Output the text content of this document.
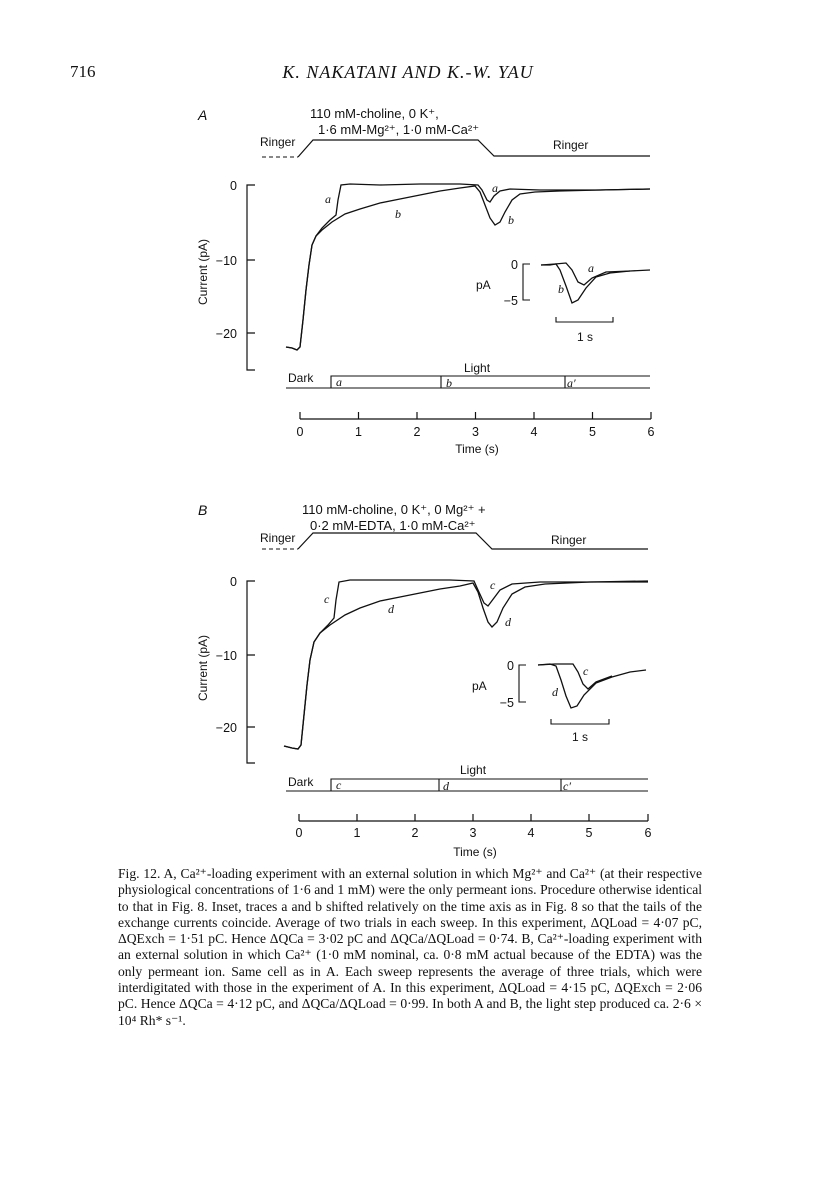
716	K. NAKATANI AND K.-W. YAU
A	110 mM-choline, 0 K⁺,
1·6 mM-Mg²⁺, 1·0 mM-Ca²⁺
Ringer	Ringer
0
−10
−20
Current (pA)
a
b
a
b
0
−5
pA
a
b
1 s
Light
Dark a	b	a′
0	1	2	3	4	5	6
Time (s)
B	110 mM-choline, 0 K⁺, 0 Mg²⁺ +
0·2 mM-EDTA, 1·0 mM-Ca²⁺
Ringer	Ringer
0
−10
−20
Current (pA)
c
d
c
d
0
−5
pA
c
d
1 s
Light
Dark c	d	c′
0	1	2	3	4	5	6
Time (s)
Fig. 12. A, Ca²⁺-loading experiment with an external solution in which Mg²⁺ and Ca²⁺ (at their respective physiological concentrations of 1·6 and 1 mM) were the only permeant ions. Procedure otherwise identical to that in Fig. 8. Inset, traces a and b shifted relatively on the time axis as in Fig. 8 so that the tails of the exchange currents coincide. Average of two trials in each sweep. In this experiment, ΔQLoad = 4·07 pC, ΔQExch = 1·51 pC. Hence ΔQCa = 3·02 pC and ΔQCa/ΔQLoad = 0·74. B, Ca²⁺-loading experiment with an external solution in which Ca²⁺ (1·0 mM nominal, ca. 0·8 mM actual because of the EDTA) was the only permeant ion. Same cell as in A. Each sweep represents the average of three trials, which were interdigitated with those in the experiment of A. In this experiment, ΔQLoad = 4·15 pC, ΔQExch = 2·06 pC. Hence ΔQCa = 4·12 pC, and ΔQCa/ΔQLoad = 0·99. In both A and B, the light step produced ca. 2·6 × 10⁴ Rh* s⁻¹.
